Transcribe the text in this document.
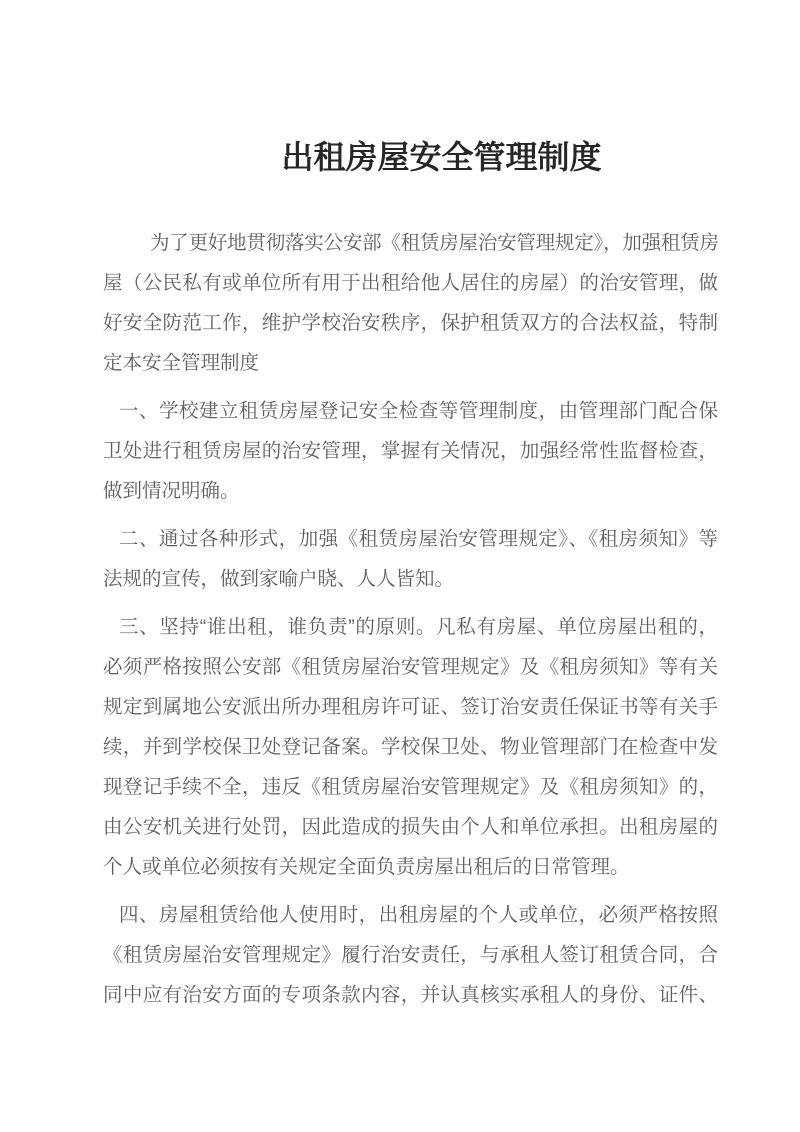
出租房屋安全管理制度
为了更好地贯彻落实公安部《租赁房屋治安管理规定》，加强租赁房
屋（公民私有或单位所有用于出租给他人居住的房屋）的治安管理，做
好安全防范工作，维护学校治安秩序，保护租赁双方的合法权益，特制
定本安全管理制度
一、学校建立租赁房屋登记安全检查等管理制度，由管理部门配合保
卫处进行租赁房屋的治安管理，掌握有关情况，加强经常性监督检查，
做到情况明确。
二、通过各种形式，加强《租赁房屋治安管理规定》、《租房须知》等
法规的宣传，做到家喻户晓、人人皆知。
三、坚持“谁出租，谁负责”的原则。凡私有房屋、单位房屋出租的，
必须严格按照公安部《租赁房屋治安管理规定》及《租房须知》等有关
规定到属地公安派出所办理租房许可证、签订治安责任保证书等有关手
续，并到学校保卫处登记备案。学校保卫处、物业管理部门在检查中发
现登记手续不全，违反《租赁房屋治安管理规定》及《租房须知》的，
由公安机关进行处罚，因此造成的损失由个人和单位承担。出租房屋的
个人或单位必须按有关规定全面负责房屋出租后的日常管理。
四、房屋租赁给他人使用时，出租房屋的个人或单位，必须严格按照
《租赁房屋治安管理规定》履行治安责任，与承租人签订租赁合同，合
同中应有治安方面的专项条款内容，并认真核实承租人的身份、证件、
